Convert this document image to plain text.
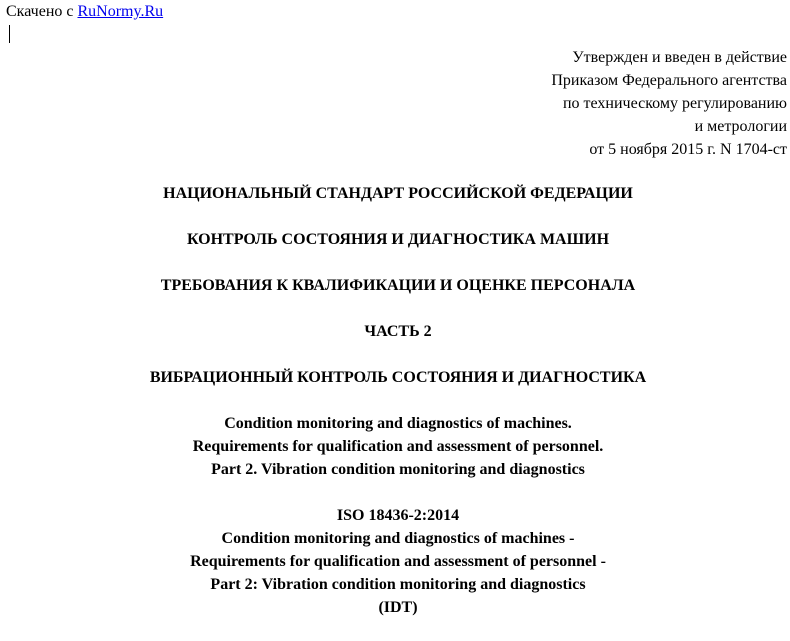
Скачено с RuNormy.Ru
Утвержден и введен в действие
Приказом Федерального агентства
по техническому регулированию
и метрологии
от 5 ноября 2015 г. N 1704-ст
НАЦИОНАЛЬНЫЙ СТАНДАРТ РОССИЙСКОЙ ФЕДЕРАЦИИ
КОНТРОЛЬ СОСТОЯНИЯ И ДИАГНОСТИКА МАШИН
ТРЕБОВАНИЯ К КВАЛИФИКАЦИИ И ОЦЕНКЕ ПЕРСОНАЛА
ЧАСТЬ 2
ВИБРАЦИОННЫЙ КОНТРОЛЬ СОСТОЯНИЯ И ДИАГНОСТИКА
Condition monitoring and diagnostics of machines.
Requirements for qualification and assessment of personnel.
Part 2. Vibration condition monitoring and diagnostics
ISO 18436-2:2014
Condition monitoring and diagnostics of machines -
Requirements for qualification and assessment of personnel -
Part 2: Vibration condition monitoring and diagnostics
(IDT)
